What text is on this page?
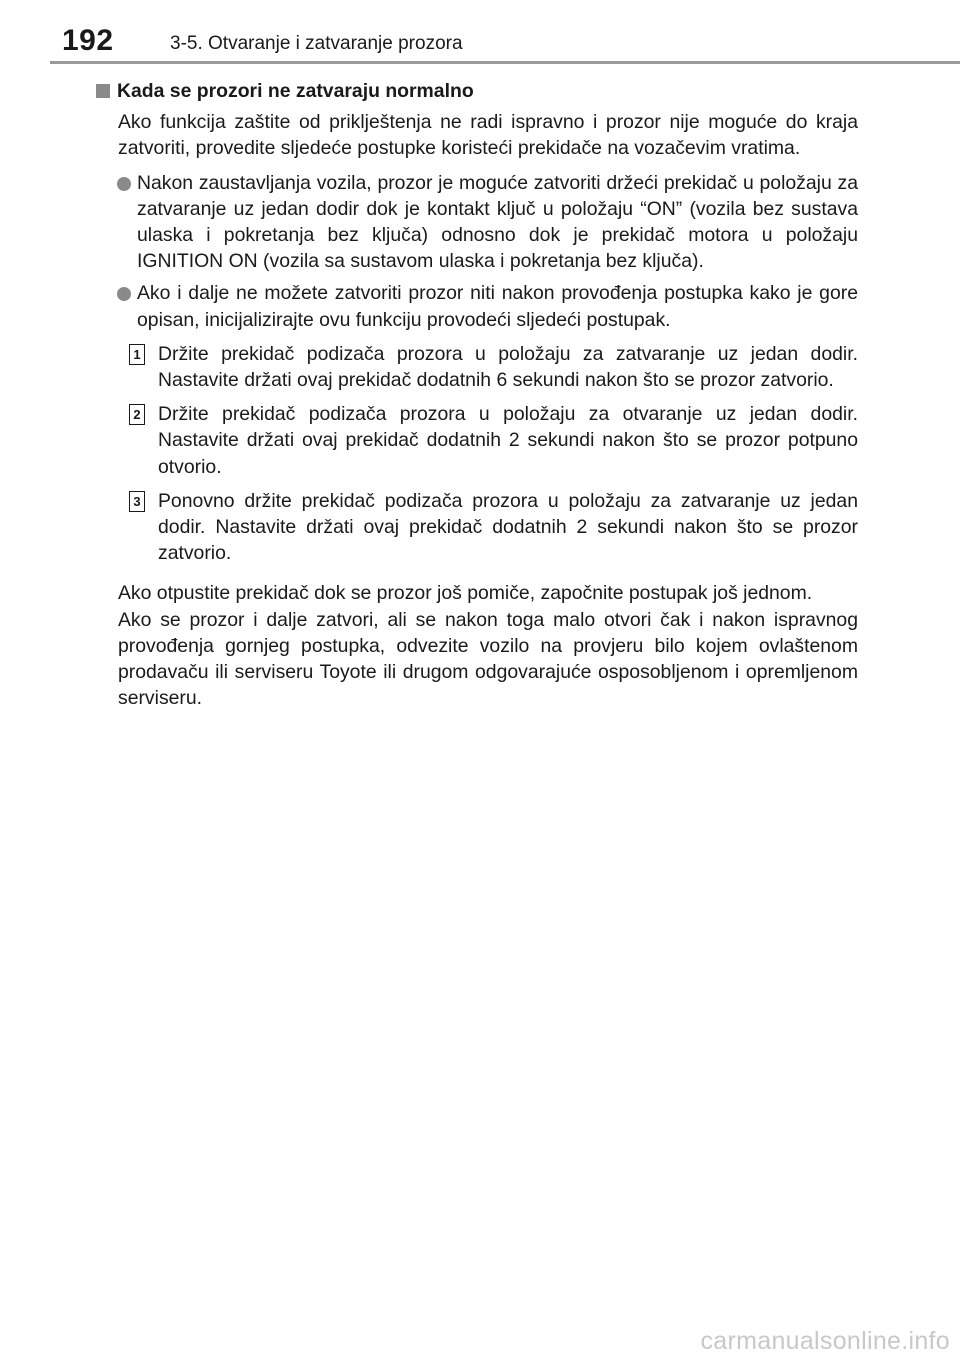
192	3-5. Otvaranje i zatvaranje prozora
Kada se prozori ne zatvaraju normalno

Ako funkcija zaštite od priklještenja ne radi ispravno i prozor nije moguće do kraja zatvoriti, provedite sljedeće postupke koristeći prekidače na vozačevim vratima.

Nakon zaustavljanja vozila, prozor je moguće zatvoriti držeći prekidač u položaju za zatvaranje uz jedan dodir dok je kontakt ključ u položaju “ON” (vozila bez sustava ulaska i pokretanja bez ključa) odnosno dok je prekidač motora u položaju IGNITION ON (vozila sa sustavom ulaska i pokretanja bez ključa).

Ako i dalje ne možete zatvoriti prozor niti nakon provođenja postupka kako je gore opisan, inicijalizirajte ovu funkciju provodeći sljedeći postupak.

1 Držite prekidač podizača prozora u položaju za zatvaranje uz jedan dodir. Nastavite držati ovaj prekidač dodatnih 6 sekundi nakon što se prozor zatvorio.

2 Držite prekidač podizača prozora u položaju za otvaranje uz jedan dodir. Nastavite držati ovaj prekidač dodatnih 2 sekundi nakon što se prozor potpuno otvorio.

3 Ponovno držite prekidač podizača prozora u položaju za zatvaranje uz jedan dodir. Nastavite držati ovaj prekidač dodatnih 2 sekundi nakon što se prozor zatvorio.

Ako otpustite prekidač dok se prozor još pomiče, započnite postupak još jednom.

Ako se prozor i dalje zatvori, ali se nakon toga malo otvori čak i nakon ispravnog provođenja gornjeg postupka, odvezite vozilo na provjeru bilo kojem ovlaštenom prodavaču ili serviseru Toyote ili drugom odgovarajuće osposobljenom i opremljenom serviseru.

carmanualsonline.info
